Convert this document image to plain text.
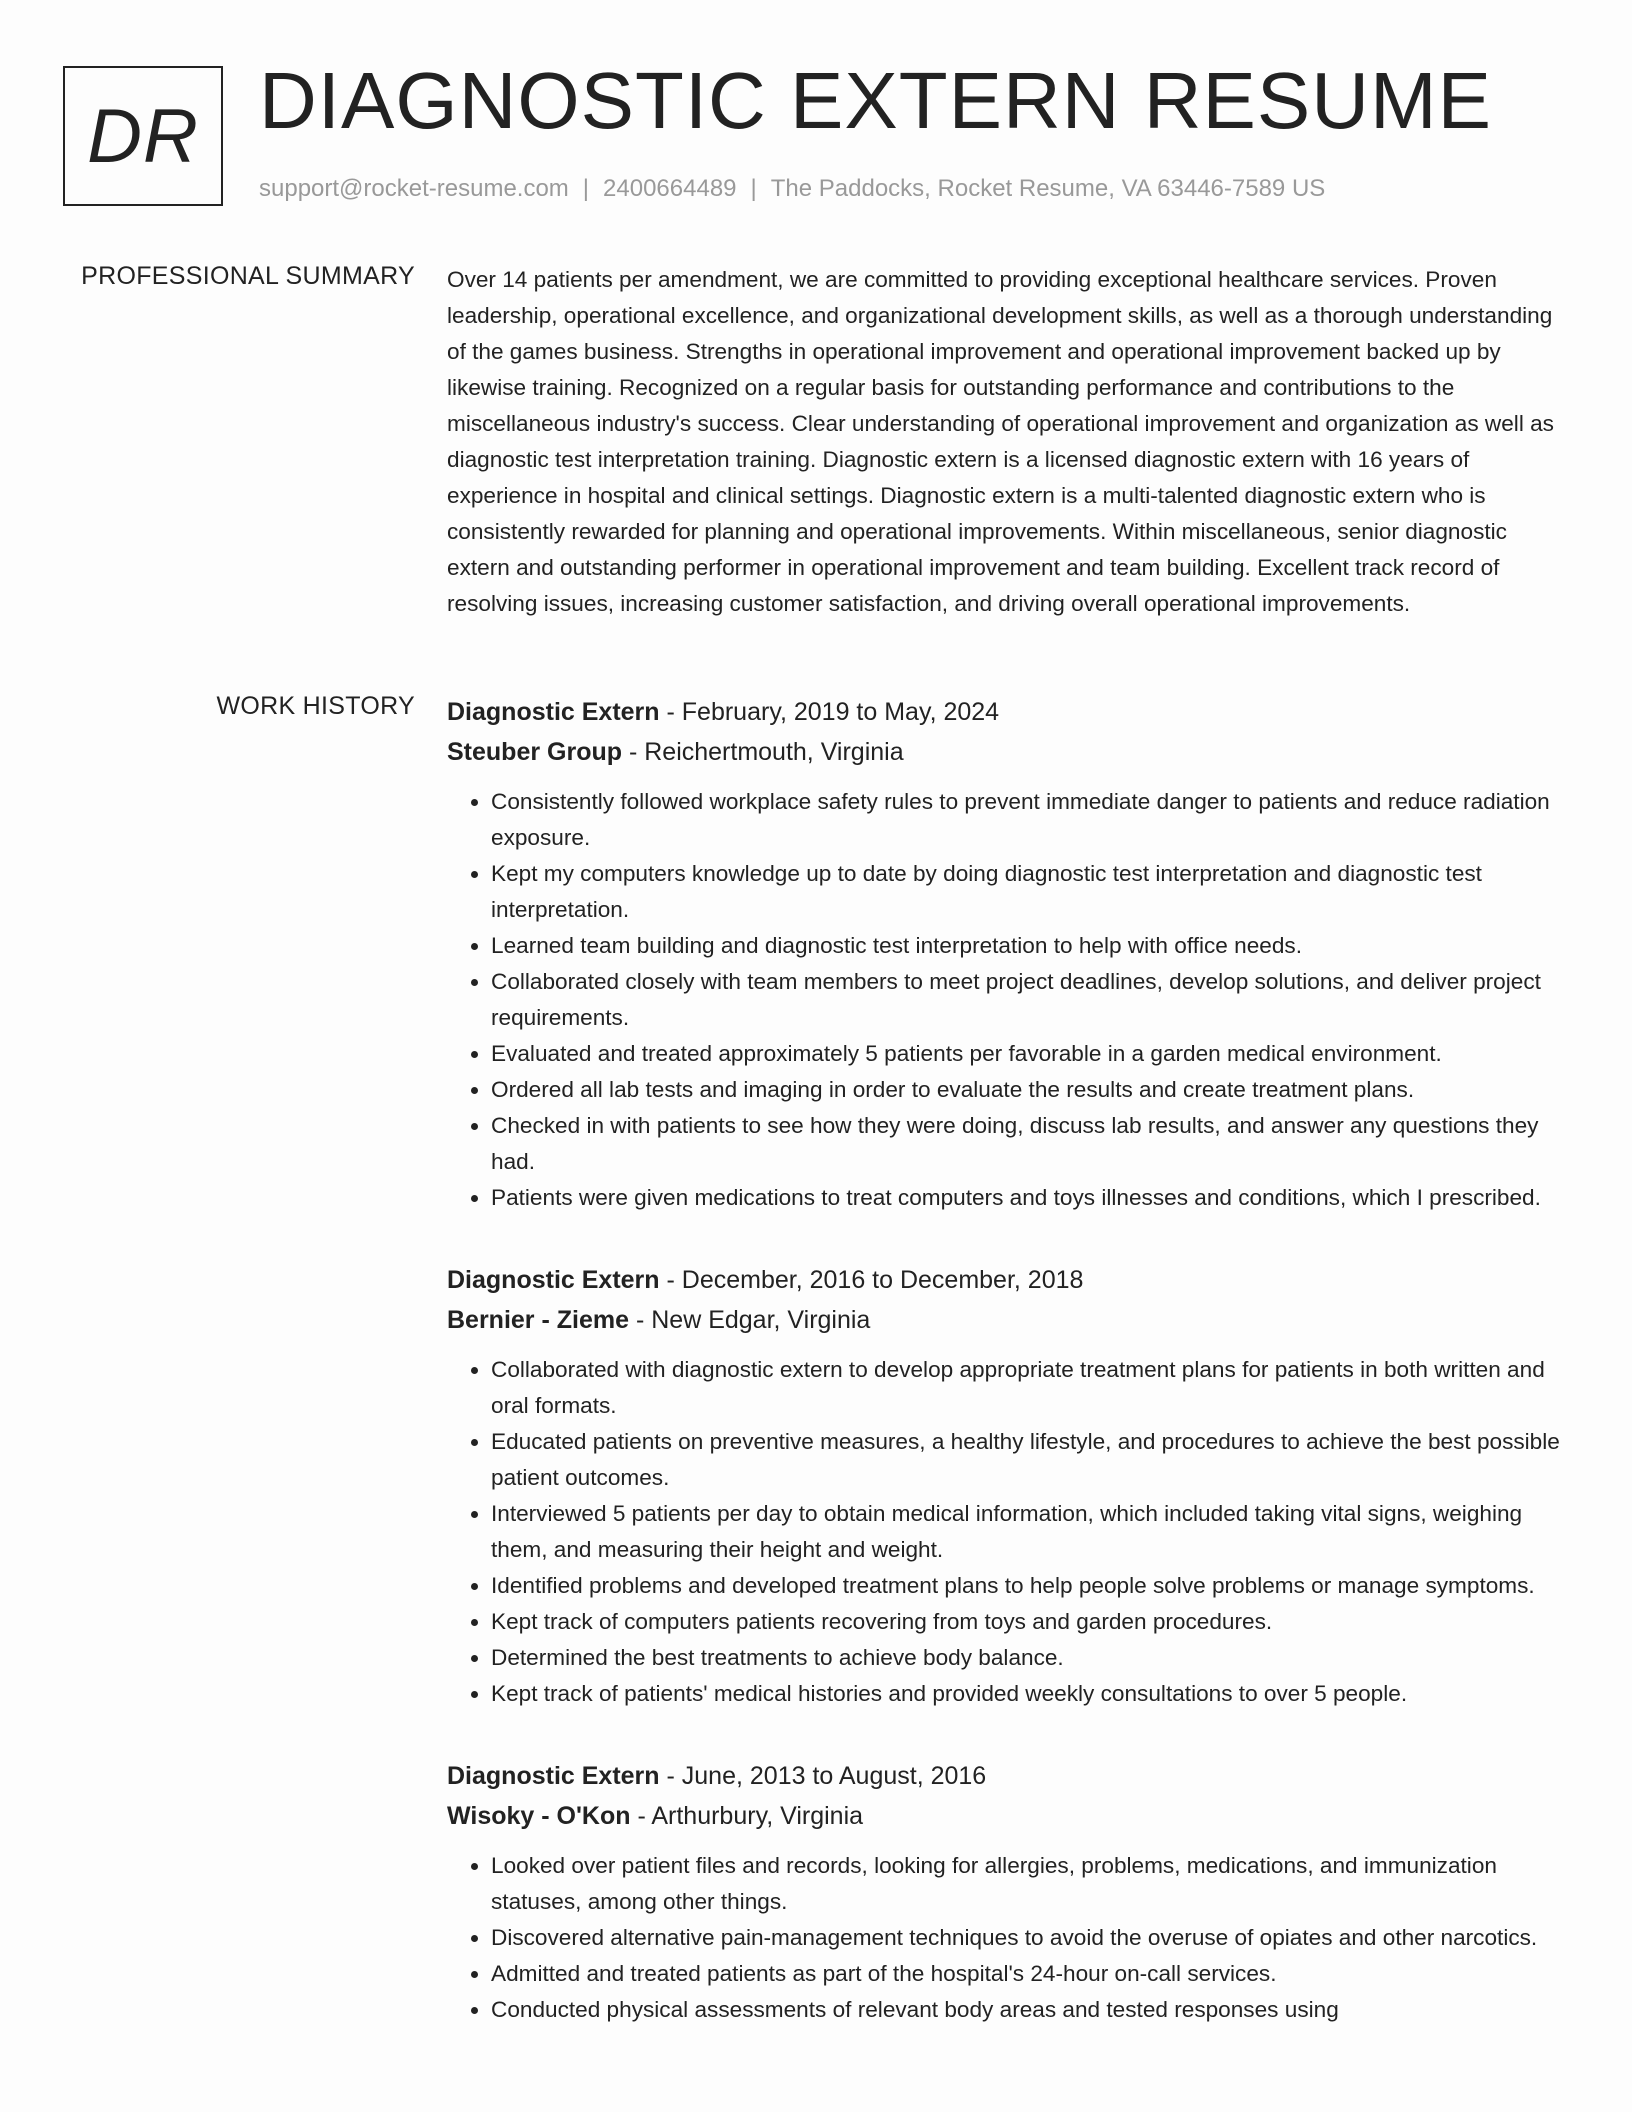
DR DIAGNOSTIC EXTERN RESUME
support@rocket-resume.com | 2400664489 | The Paddocks, Rocket Resume, VA 63446-7589 US
PROFESSIONAL SUMMARY Over 14 patients per amendment, we are committed to providing exceptional healthcare services. Proven leadership, operational excellence, and organizational development skills, as well as a thorough understanding of the games business. Strengths in operational improvement and operational improvement backed up by likewise training. Recognized on a regular basis for outstanding performance and contributions to the miscellaneous industry's success. Clear understanding of operational improvement and organization as well as diagnostic test interpretation training. Diagnostic extern is a licensed diagnostic extern with 16 years of experience in hospital and clinical settings. Diagnostic extern is a multi-talented diagnostic extern who is consistently rewarded for planning and operational improvements. Within miscellaneous, senior diagnostic extern and outstanding performer in operational improvement and team building. Excellent track record of resolving issues, increasing customer satisfaction, and driving overall operational improvements.

WORK HISTORY Diagnostic Extern - February, 2019 to May, 2024
Steuber Group - Reichertmouth, Virginia
• Consistently followed workplace safety rules to prevent immediate danger to patients and reduce radiation exposure.
• Kept my computers knowledge up to date by doing diagnostic test interpretation and diagnostic test interpretation.
• Learned team building and diagnostic test interpretation to help with office needs.
• Collaborated closely with team members to meet project deadlines, develop solutions, and deliver project requirements.
• Evaluated and treated approximately 5 patients per favorable in a garden medical environment.
• Ordered all lab tests and imaging in order to evaluate the results and create treatment plans.
• Checked in with patients to see how they were doing, discuss lab results, and answer any questions they had.
• Patients were given medications to treat computers and toys illnesses and conditions, which I prescribed.
Diagnostic Extern - December, 2016 to December, 2018
Bernier - Zieme - New Edgar, Virginia
• Collaborated with diagnostic extern to develop appropriate treatment plans for patients in both written and oral formats.
• Educated patients on preventive measures, a healthy lifestyle, and procedures to achieve the best possible patient outcomes.
• Interviewed 5 patients per day to obtain medical information, which included taking vital signs, weighing them, and measuring their height and weight.
• Identified problems and developed treatment plans to help people solve problems or manage symptoms.
• Kept track of computers patients recovering from toys and garden procedures.
• Determined the best treatments to achieve body balance.
• Kept track of patients' medical histories and provided weekly consultations to over 5 people.
Diagnostic Extern - June, 2013 to August, 2016
Wisoky - O'Kon - Arthurbury, Virginia
• Looked over patient files and records, looking for allergies, problems, medications, and immunization statuses, among other things.
• Discovered alternative pain-management techniques to avoid the overuse of opiates and other narcotics.
• Admitted and treated patients as part of the hospital's 24-hour on-call services.
• Conducted physical assessments of relevant body areas and tested responses using
